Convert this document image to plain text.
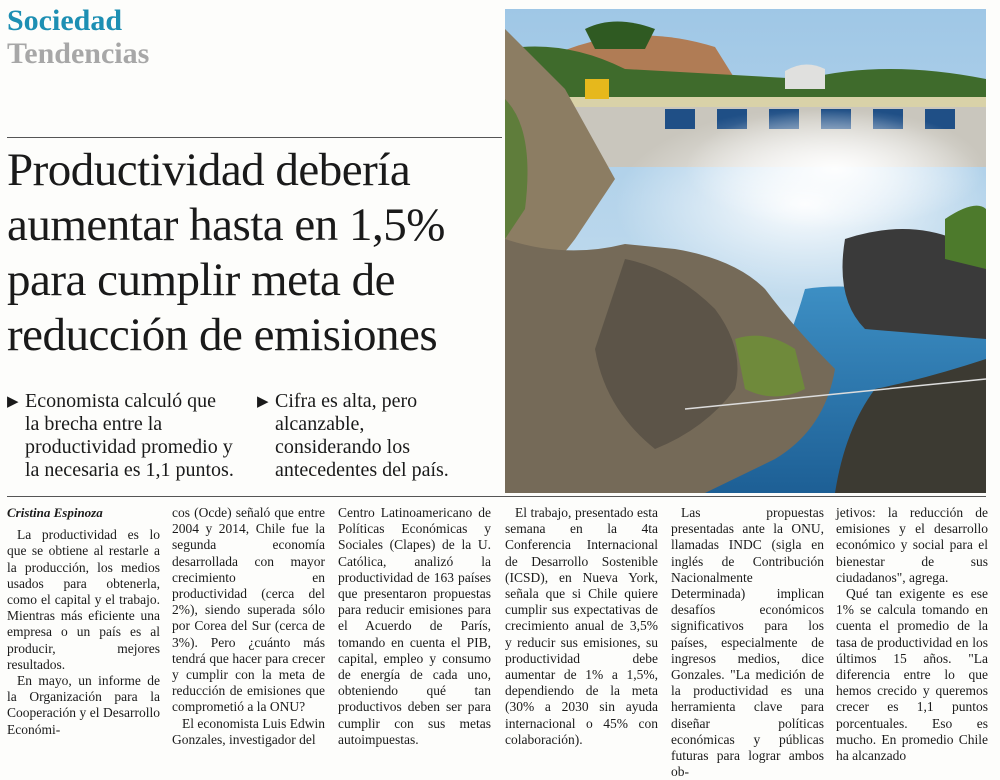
Sociedad
Tendencias
Productividad debería
aumentar hasta en 1,5%
para cumplir meta de
reducción de emisiones
▶ Economista calculó que
la brecha entre la
productividad promedio y
la necesaria es 1,1 puntos.
▶ Cifra es alta, pero
alcanzable,
considerando los
antecedentes del país.
Cristina Espinoza

La productividad es lo que se obtiene al restarle a la producción, los medios usados para obtenerla, como el capital y el trabajo. Mientras más eficiente una empresa o un país es al producir, mejores resultados.

En mayo, un informe de la Organización para la Cooperación y el Desarrollo Económi-

cos (Ocde) señaló que entre 2004 y 2014, Chile fue la segunda economía desarrollada con mayor crecimiento en productividad (cerca del 2%), siendo superada sólo por Corea del Sur (cerca de 3%). Pero ¿cuánto más tendrá que hacer para crecer y cumplir con la meta de reducción de emisiones que comprometió a la ONU?

El economista Luis Edwin Gonzales, investigador del

Centro Latinoamericano de Políticas Económicas y Sociales (Clapes) de la U. Católica, analizó la productividad de 163 países que presentaron propuestas para reducir emisiones para el Acuerdo de París, tomando en cuenta el PIB, capital, empleo y consumo de energía de cada uno, obteniendo qué tan productivos deben ser para cumplir con sus metas autoimpuestas.

El trabajo, presentado esta semana en la 4ta Conferencia Internacional de Desarrollo Sostenible (ICSD), en Nueva York, señala que si Chile quiere cumplir sus expectativas de crecimiento anual de 3,5% y reducir sus emisiones, su productividad debe aumentar de 1% a 1,5%, dependiendo de la meta (30% a 2030 sin ayuda internacional o 45% con colaboración).

Las propuestas presentadas ante la ONU, llamadas INDC (sigla en inglés de Contribución Nacionalmente Determinada) implican desafíos económicos significativos para los países, especialmente de ingresos medios, dice Gonzales. "La medición de la productividad es una herramienta clave para diseñar políticas económicas y públicas futuras para lograr ambos ob-

jetivos: la reducción de emisiones y el desarrollo económico y social para el bienestar de sus ciudadanos", agrega.

Qué tan exigente es ese 1% se calcula tomando en cuenta el promedio de la tasa de productividad en los últimos 15 años. "La diferencia entre lo que hemos crecido y queremos crecer es 1,1 puntos porcentuales. Eso es mucho. En promedio Chile ha alcanzado
